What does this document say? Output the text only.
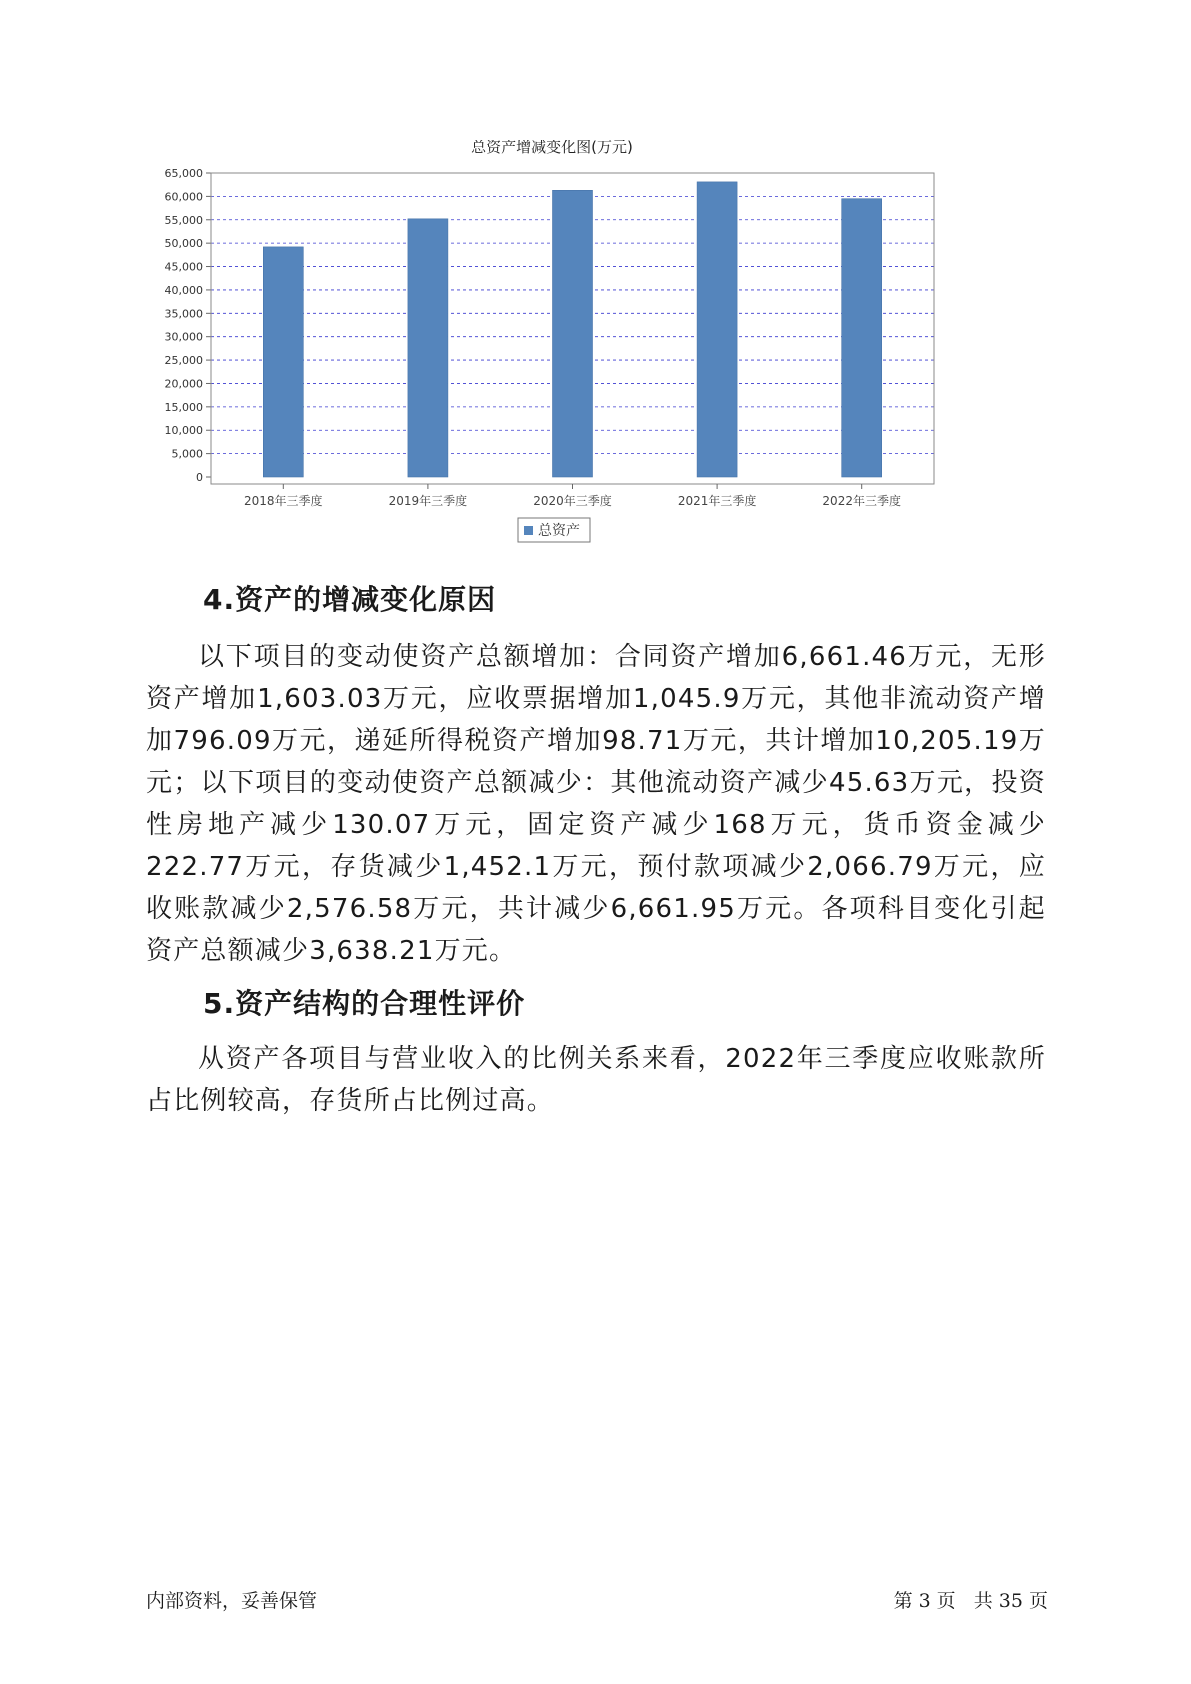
总资产增减变化图(万元)
0
5,000
10,000
15,000
20,000
25,000
30,000
35,000
40,000
45,000
50,000
55,000
60,000
65,000
2018年三季度	2019年三季度	2020年三季度	2021年三季度	2022年三季度
总资产
4.资产的增减变化原因

以下项目的变动使资产总额增加：合同资产增加6,661.46万元，无形资产增加1,603.03万元，应收票据增加1,045.9万元，其他非流动资产增加796.09万元，递延所得税资产增加98.71万元，共计增加10,205.19万元；以下项目的变动使资产总额减少：其他流动资产减少45.63万元，投资性房地产减少130.07万元，固定资产减少168万元，货币资金减少222.77万元，存货减少1,452.1万元，预付款项减少2,066.79万元，应收账款减少2,576.58万元，共计减少6,661.95万元。各项科目变化引起资产总额减少3,638.21万元。

5.资产结构的合理性评价

从资产各项目与营业收入的比例关系来看，2022年三季度应收账款所占比例较高，存货所占比例过高。

内部资料，妥善保管	第 3 页 共 35 页
